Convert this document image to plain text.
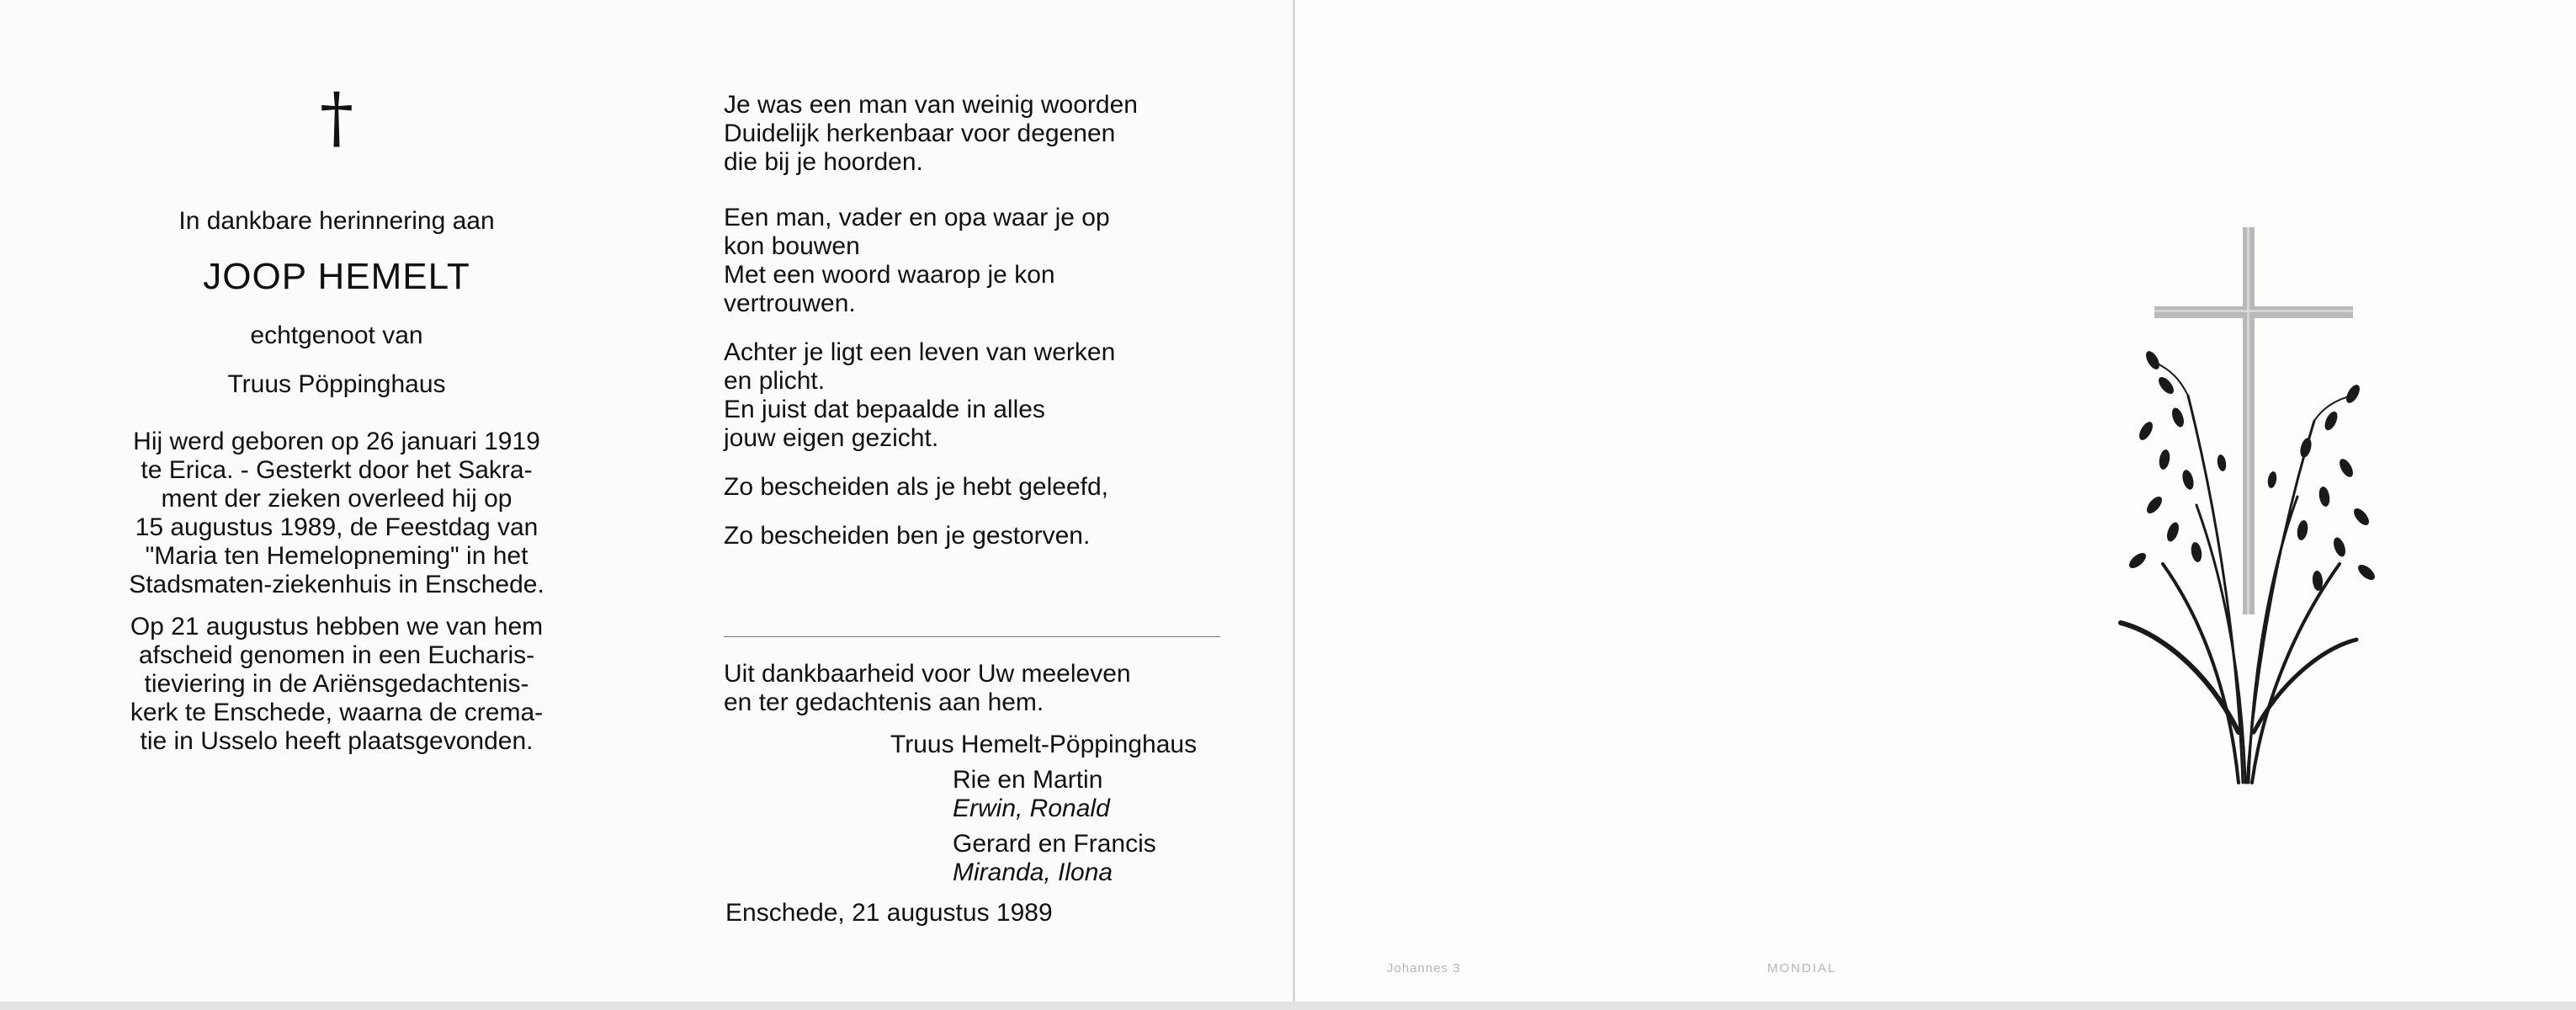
†
In dankbare herinnering aan
JOOP HEMELT
echtgenoot van
Truus Pöppinghaus
Hij werd geboren op 26 januari 1919
te Erica. - Gesterkt door het Sakra-
ment der zieken overleed hij op
15 augustus 1989, de Feestdag van
"Maria ten Hemelopneming" in het
Stadsmaten-ziekenhuis in Enschede.
Op 21 augustus hebben we van hem
afscheid genomen in een Eucharis-
tieviering in de Ariënsgedachtenis-
kerk te Enschede, waarna de crema-
tie in Usselo heeft plaatsgevonden.
Je was een man van weinig woorden
Duidelijk herkenbaar voor degenen
die bij je hoorden.
Een man, vader en opa waar je op
kon bouwen
Met een woord waarop je kon
vertrouwen.
Achter je ligt een leven van werken
en plicht.
En juist dat bepaalde in alles
jouw eigen gezicht.
Zo bescheiden als je hebt geleefd,
Zo bescheiden ben je gestorven.
Uit dankbaarheid voor Uw meeleven
en ter gedachtenis aan hem.
Truus Hemelt-Pöppinghaus
Rie en Martin
Erwin, Ronald
Gerard en Francis
Miranda, Ilona
Enschede, 21 augustus 1989
Johannes 3	MONDIAL
